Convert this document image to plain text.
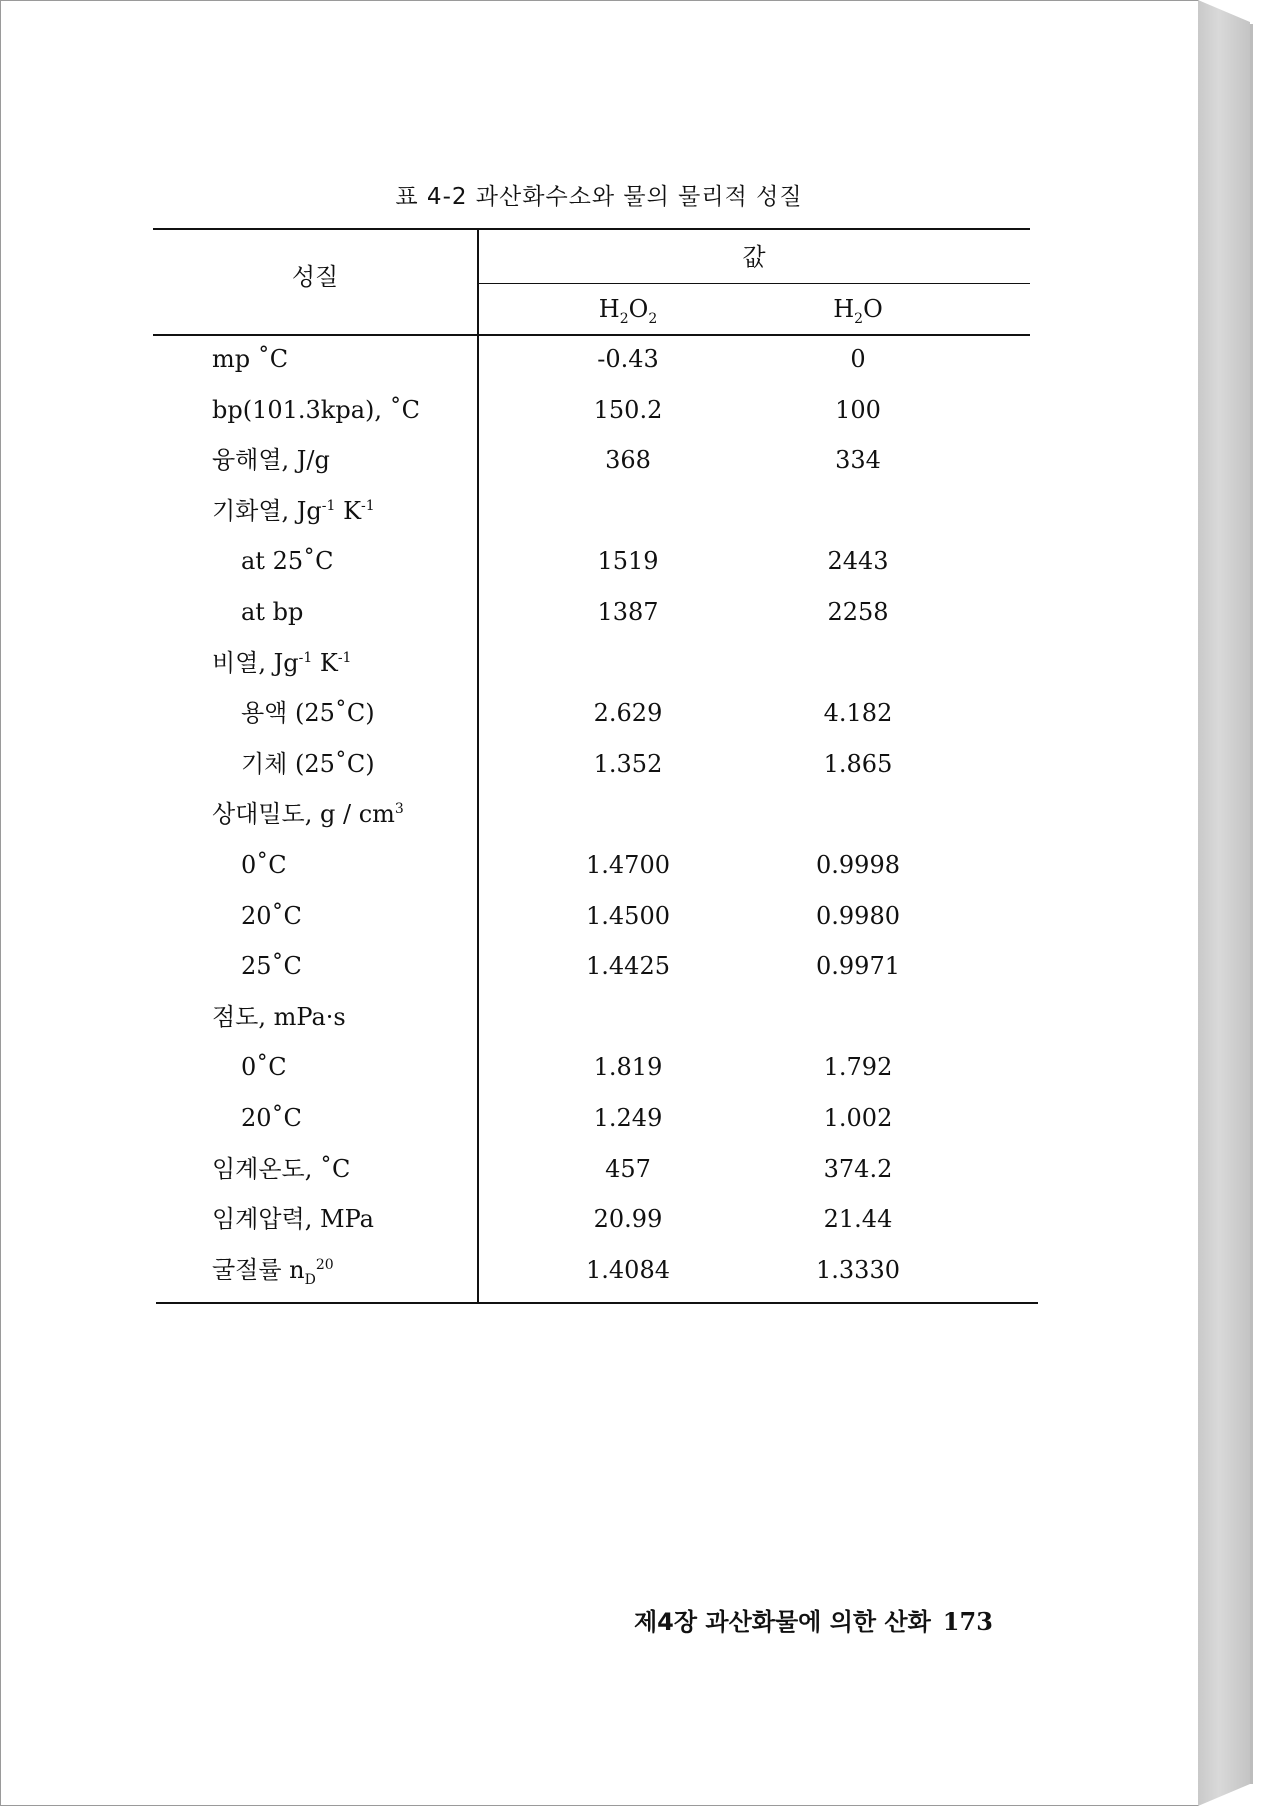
표 4-2 과산화수소와 물의 물리적 성질
성질
값
$H_2O_2$	$H_2O$
mp ˚C	-0.43	0
bp(101.3kpa), ˚C	150.2	100
융해열, J/g	368	334
기화열, $Jg^{-1}$ $K^{-1}$
at 25˚C	1519	2443
at bp	1387	2258
비열, $Jg^{-1}$ $K^{-1}$
용액 (25˚C)	2.629	4.182
기체 (25˚C)	1.352	1.865
상대밀도, g / $cm^3$
0˚C	1.4700	0.9998
20˚C	1.4500	0.9980
25˚C	1.4425	0.9971
점도, mPa·s
0˚C	1.819	1.792
20˚C	1.249	1.002
임계온도, ˚C	457	374.2
임계압력, MPa	20.99	21.44
굴절률 $n_D^{20}$	1.4084	1.3330
제4장 과산화물에 의한 산화 173
